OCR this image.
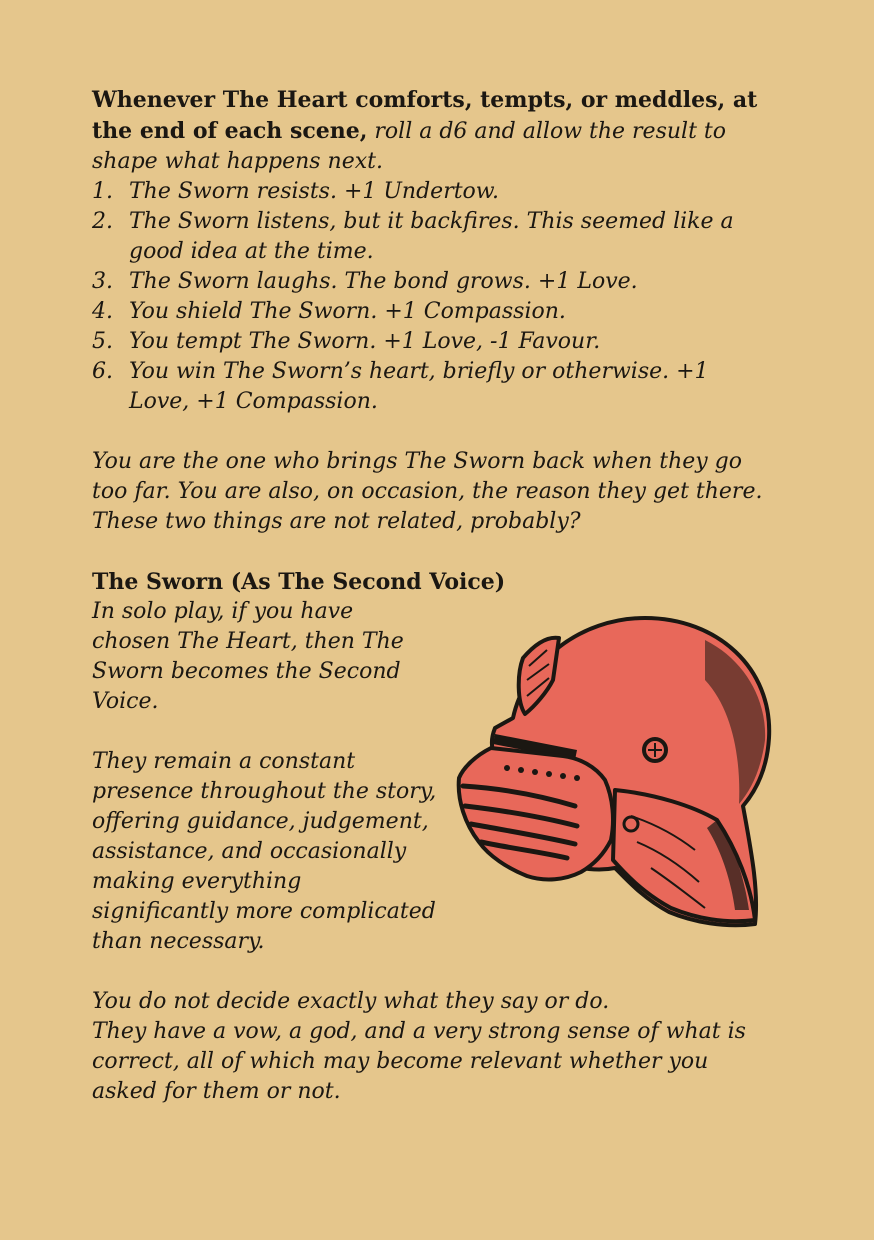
Whenever The Heart comforts, tempts, or meddles, at the end of each scene, roll a d6 and allow the result to shape what happens next.

1. The Sworn resists. +1 Undertow.
2. The Sworn listens, but it backfires. This seemed like a good idea at the time.
3. The Sworn laughs. The bond grows. +1 Love.
4. You shield The Sworn. +1 Compassion.
5. You tempt The Sworn. +1 Love, -1 Favour.
6. You win The Sworn’s heart, briefly or otherwise. +1 Love, +1 Compassion.

You are the one who brings The Sworn back when they go too far. You are also, on occasion, the reason they get there. These two things are not related, probably?

The Sworn (As The Second Voice)

In solo play, if you have chosen The Heart, then The Sworn becomes the Second Voice.

They remain a constant presence throughout the story, offering guidance, judgement, assistance, and occasionally making everything significantly more complicated than necessary.

You do not decide exactly what they say or do.

They have a vow, a god, and a very strong sense of what is correct, all of which may become relevant whether you asked for them or not.
